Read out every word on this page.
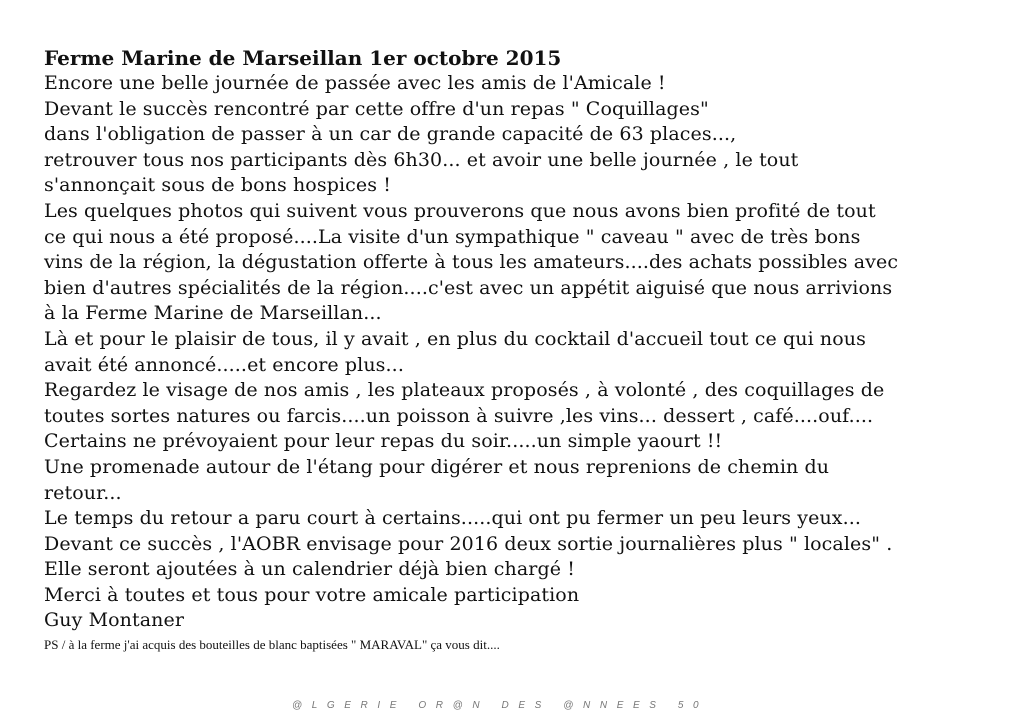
Ferme Marine de Marseillan 1er octobre 2015

Encore une belle journée de passée avec les amis de l'Amicale !

Devant le succès rencontré par cette offre d'un repas " Coquillages"

dans l'obligation de passer à un car de grande capacité de 63 places...,

retrouver tous nos participants dès 6h30... et avoir une belle journée , le tout

s'annonçait sous de bons hospices !

Les quelques photos qui suivent vous prouverons que nous avons bien profité de tout

ce qui nous a été proposé....La visite d'un sympathique " caveau " avec de très bons

vins de la région, la dégustation offerte à tous les amateurs....des achats possibles avec

bien d'autres spécialités de la région....c'est avec un appétit aiguisé que nous arrivions

à la Ferme Marine de Marseillan...

Là et pour le plaisir de tous, il y avait , en plus du cocktail d'accueil tout ce qui nous

avait été annoncé.....et encore plus...

Regardez le visage de nos amis , les plateaux proposés , à volonté , des coquillages de

toutes sortes natures ou farcis....un poisson à suivre ,les vins... dessert , café....ouf....

Certains ne prévoyaient pour leur repas du soir.....un simple yaourt !!

Une promenade autour de l'étang pour digérer et nous reprenions de chemin du

retour...

Le temps du retour a paru court à certains.....qui ont pu fermer un peu leurs yeux...

Devant ce succès , l'AOBR envisage pour 2016 deux sortie journalières plus " locales" .

Elle seront ajoutées à un calendrier déjà bien chargé !

Merci à toutes et tous pour votre amicale participation

Guy Montaner

PS / à la ferme j'ai acquis des bouteilles de blanc baptisées " MARAVAL" ça vous dit....

@LGERIE OR@N DES @NNEES 50
